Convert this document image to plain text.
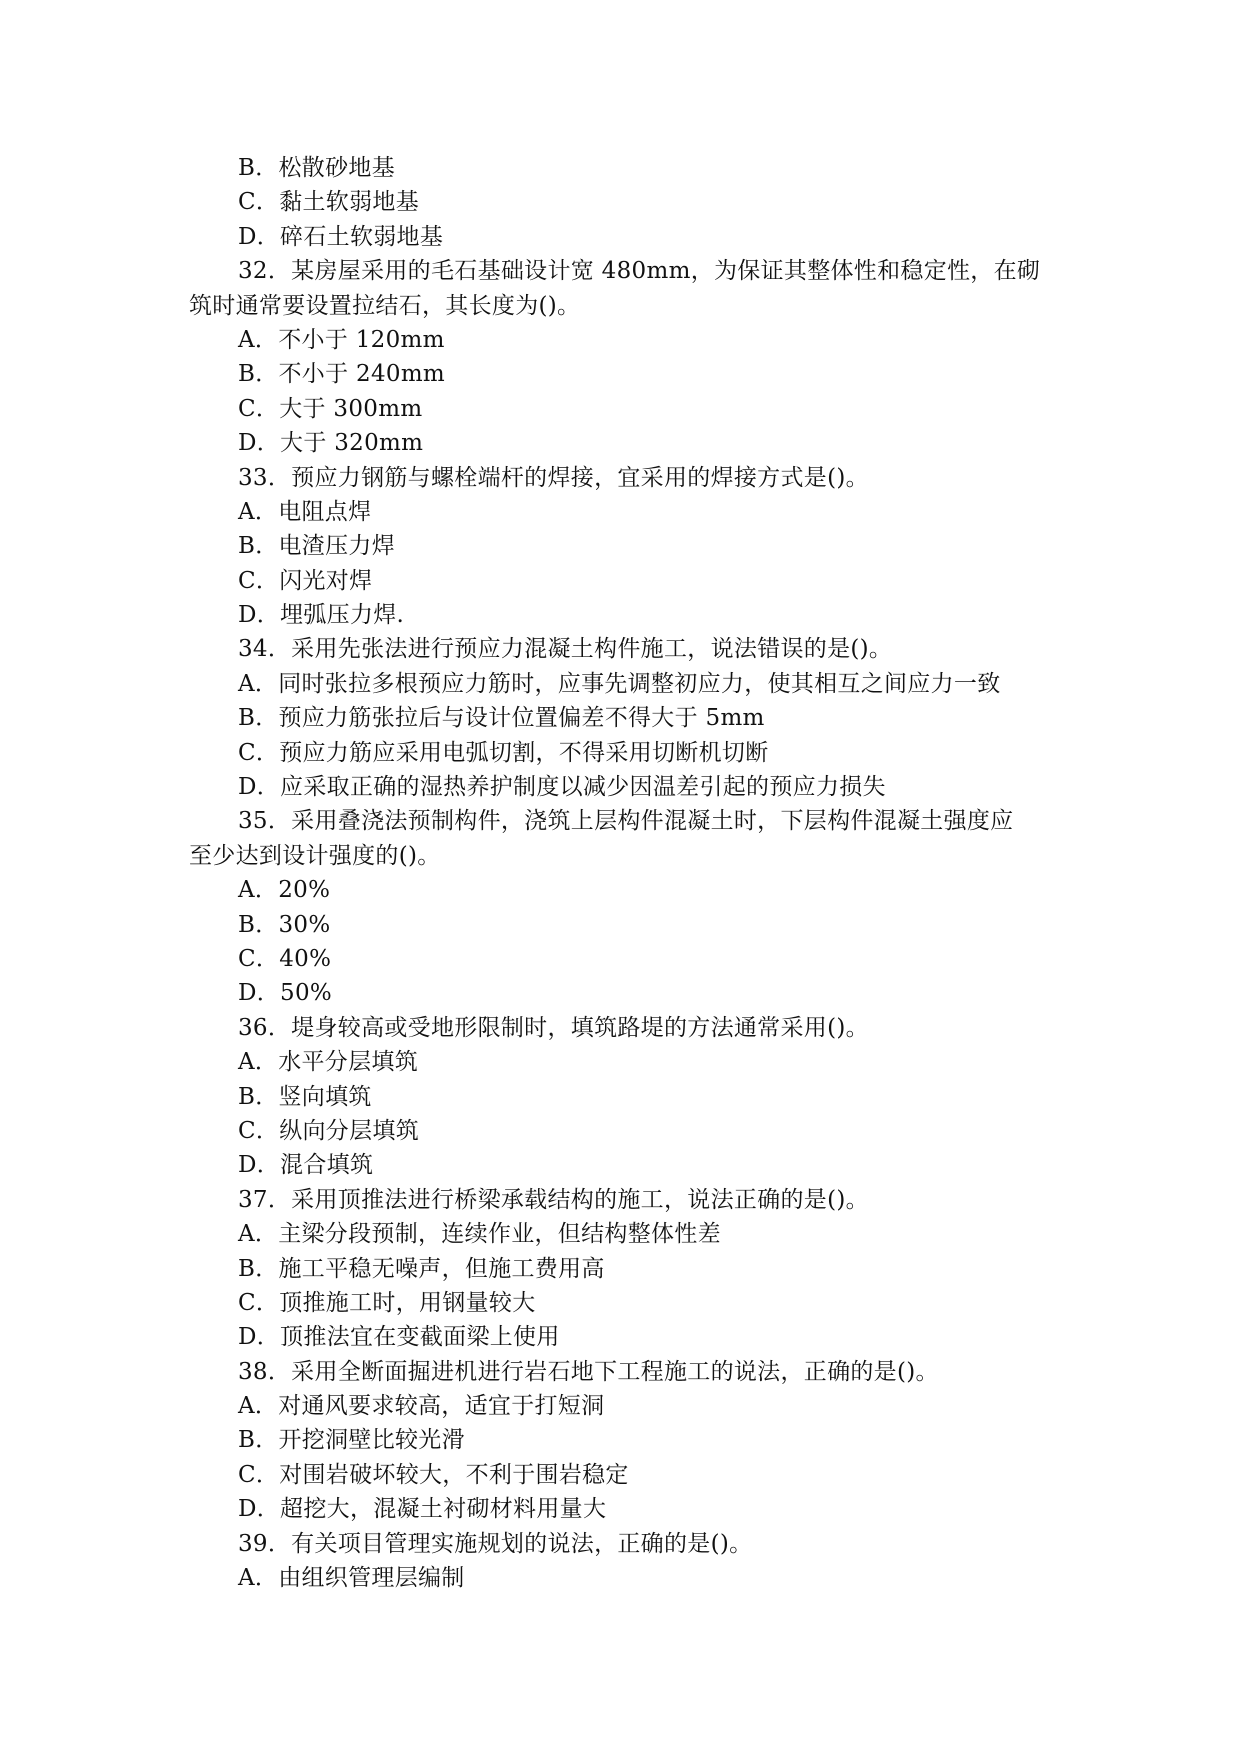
B．松散砂地基
C．黏土软弱地基
D．碎石土软弱地基
32．某房屋采用的毛石基础设计宽 480mm，为保证其整体性和稳定性，在砌
筑时通常要设置拉结石，其长度为()。
A．不小于 120mm
B．不小于 240mm
C．大于 300mm
D．大于 320mm
33．预应力钢筋与螺栓端杆的焊接，宜采用的焊接方式是()。
A．电阻点焊
B．电渣压力焊
C．闪光对焊
D．埋弧压力焊.
34．采用先张法进行预应力混凝土构件施工，说法错误的是()。
A．同时张拉多根预应力筋时，应事先调整初应力，使其相互之间应力一致
B．预应力筋张拉后与设计位置偏差不得大于 5mm
C．预应力筋应采用电弧切割，不得采用切断机切断
D．应采取正确的湿热养护制度以减少因温差引起的预应力损失
35．采用叠浇法预制构件，浇筑上层构件混凝土时，下层构件混凝土强度应
至少达到设计强度的()。
A．20%
B．30%
C．40%
D．50%
36．堤身较高或受地形限制时，填筑路堤的方法通常采用()。
A．水平分层填筑
B．竖向填筑
C．纵向分层填筑
D．混合填筑
37．采用顶推法进行桥梁承载结构的施工，说法正确的是()。
A．主梁分段预制，连续作业，但结构整体性差
B．施工平稳无噪声，但施工费用高
C．顶推施工时，用钢量较大
D．顶推法宜在变截面梁上使用
38．采用全断面掘进机进行岩石地下工程施工的说法，正确的是()。
A．对通风要求较高，适宜于打短洞
B．开挖洞壁比较光滑
C．对围岩破坏较大，不利于围岩稳定
D．超挖大，混凝土衬砌材料用量大
39．有关项目管理实施规划的说法，正确的是()。
A．由组织管理层编制
